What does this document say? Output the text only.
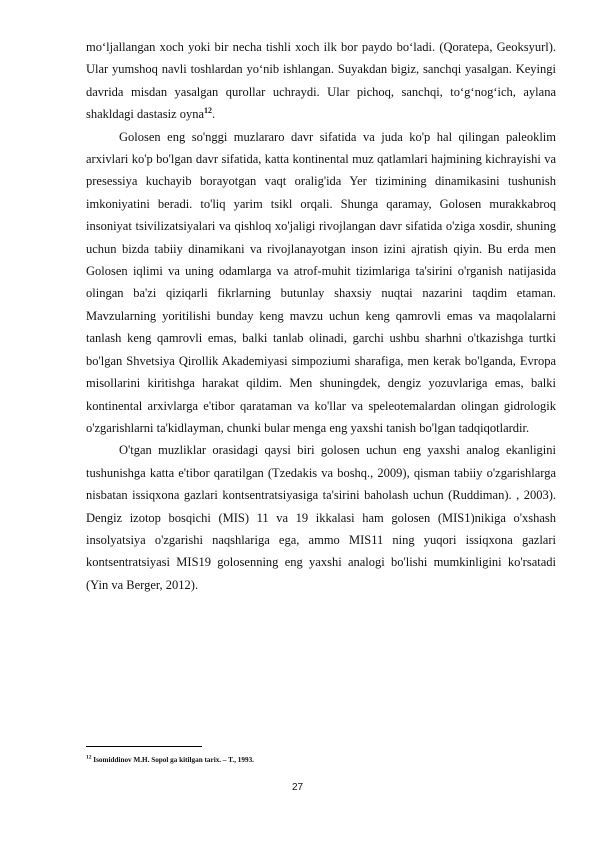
mo‘ljallangan xoch yoki bir necha tishli xoch ilk bor paydo bo‘ladi. (Qoratepa, Geoksyurl). Ular yumshoq navli toshlardan yo‘nib ishlangan. Suyakdan bigiz, sanchqi yasalgan. Keyingi davrida misdan yasalgan qurollar uchraydi. Ular pichoq, sanchqi, to‘g‘nog‘ich, aylana shakldagi dastasiz oyna$^{12}$.

Golosen eng so'nggi muzlararo davr sifatida va juda ko'p hal qilingan paleoklim arxivlari ko'p bo'lgan davr sifatida, katta kontinental muz qatlamlari hajmining kichrayishi va presessiya kuchayib borayotgan vaqt oralig'ida Yer tizimining dinamikasini tushunish imkoniyatini beradi. to'liq yarim tsikl orqali. Shunga qaramay, Golosen murakkabroq insoniyat tsivilizatsiyalari va qishloq xo'jaligi rivojlangan davr sifatida o'ziga xosdir, shuning uchun bizda tabiiy dinamikani va rivojlanayotgan inson izini ajratish qiyin. Bu erda men Golosen iqlimi va uning odamlarga va atrof-muhit tizimlariga ta'sirini o'rganish natijasida olingan ba'zi qiziqarli fikrlarning butunlay shaxsiy nuqtai nazarini taqdim etaman. Mavzularning yoritilishi bunday keng mavzu uchun keng qamrovli emas va maqolalarni tanlash keng qamrovli emas, balki tanlab olinadi, garchi ushbu sharhni o'tkazishga turtki bo'lgan Shvetsiya Qirollik Akademiyasi simpoziumi sharafiga, men kerak bo'lganda, Evropa misollarini kiritishga harakat qildim. Men shuningdek, dengiz yozuvlariga emas, balki kontinental arxivlarga e'tibor qarataman va ko'llar va speleotemalardan olingan gidrologik o'zgarishlarni ta'kidlayman, chunki bular menga eng yaxshi tanish bo'lgan tadqiqotlardir.

O'tgan muzliklar orasidagi qaysi biri golosen uchun eng yaxshi analog ekanligini tushunishga katta e'tibor qaratilgan (Tzedakis va boshq., 2009), qisman tabiiy o'zgarishlarga nisbatan issiqxona gazlari kontsentratsiyasiga ta'sirini baholash uchun (Ruddiman). , 2003). Dengiz izotop bosqichi (MIS) 11 va 19 ikkalasi ham golosen (MIS1)nikiga o'xshash insolyatsiya o'zgarishi naqshlariga ega, ammo MIS11 ning yuqori issiqxona gazlari kontsentratsiyasi MIS19 golosenning eng yaxshi analogi bo'lishi mumkinligini ko'rsatadi (Yin va Berger, 2012).

$^{12}$ Isomiddinov M.H. Sopol ga kitilgan tarix. – T., 1993.
27
